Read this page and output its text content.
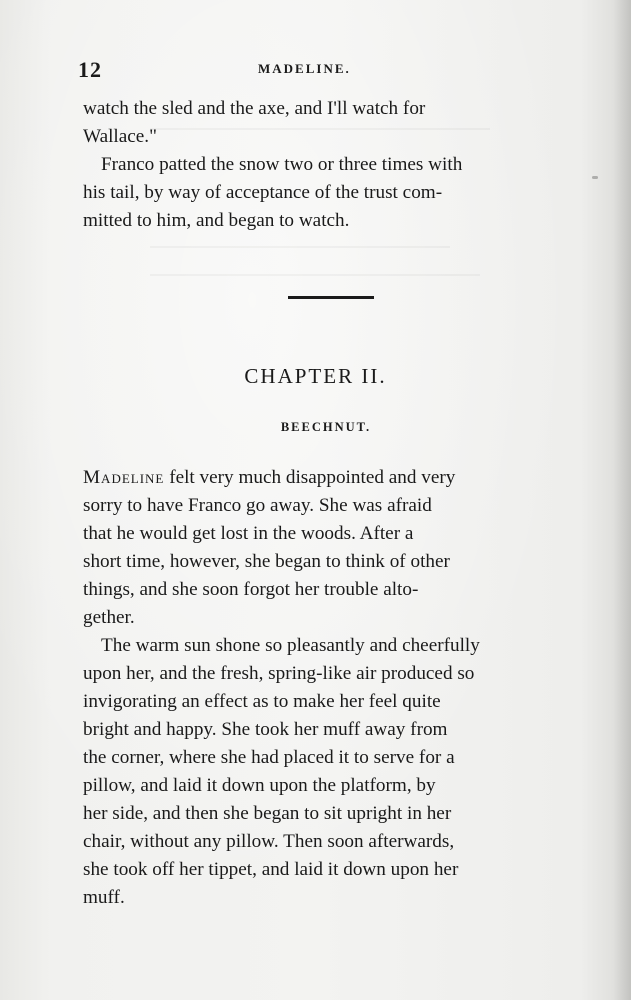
12	MADELINE.

watch the sled and the axe, and I'll watch for
Wallace."

Franco patted the snow two or three times with
his tail, by way of acceptance of the trust com-
mitted to him, and began to watch.

CHAPTER II.
BEECHNUT.

Madeline felt very much disappointed and very
sorry to have Franco go away. She was afraid
that he would get lost in the woods. After a
short time, however, she began to think of other
things, and she soon forgot her trouble alto-
gether.

The warm sun shone so pleasantly and cheerfully
upon her, and the fresh, spring-like air produced so
invigorating an effect as to make her feel quite
bright and happy. She took her muff away from
the corner, where she had placed it to serve for a
pillow, and laid it down upon the platform, by
her side, and then she began to sit upright in her
chair, without any pillow. Then soon afterwards,
she took off her tippet, and laid it down upon her
muff.
